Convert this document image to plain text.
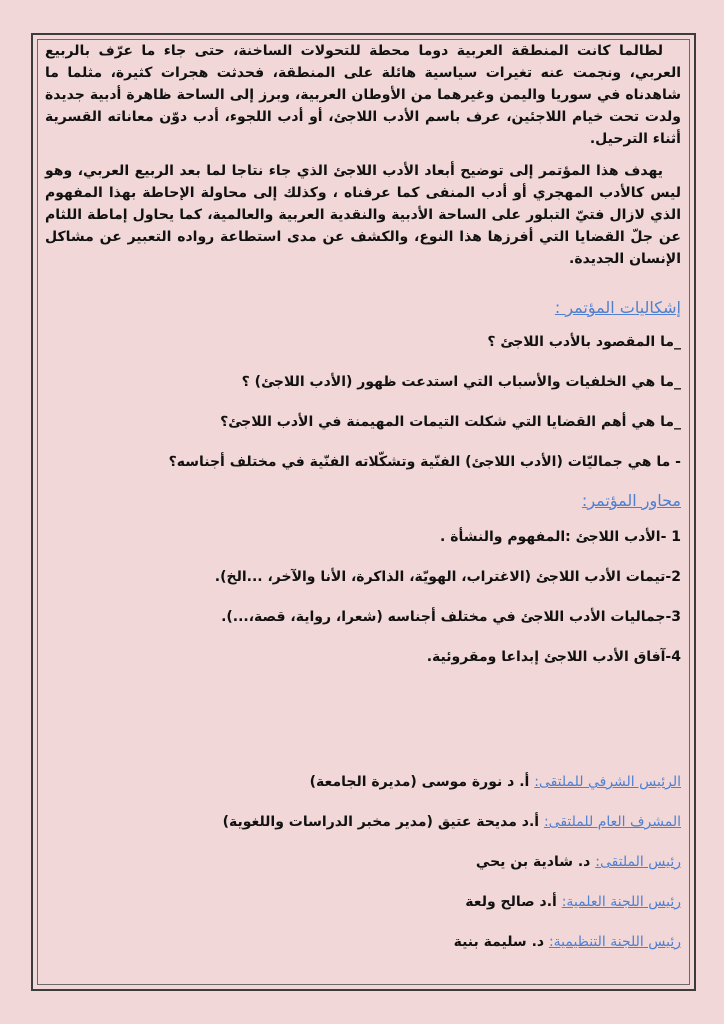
لطالما كانت المنطقة العربية دوما محطة للتحولات الساخنة، حتى جاء ما عرّف بالربيع العربي، ونجمت عنه تغيرات سياسية هائلة على المنطقة، فحدثت هجرات كثيرة، مثلما ما شاهدناه في سوريا واليمن وغيرهما من الأوطان العربية، وبرز إلى الساحة ظاهرة أدبية جديدة ولدت تحت خيام اللاجئين، عرف باسم الأدب اللاجئ، أو أدب اللجوء، أدب دوّن معاناته القسرية أثناء الترحيل.

يهدف هذا المؤتمر إلى توضيح أبعاد الأدب اللاجئ الذي جاء نتاجا لما بعد الربيع العربي، وهو ليس كالأدب المهجري أو أدب المنفى كما عرفناه ، وكذلك إلى محاولة الإحاطة بهذا المفهوم الذي لازال فتيّ التبلور على الساحة الأدبية والنقدية العربية والعالمية، كما يحاول إماطة اللثام عن جلّ القضايا التي أفرزها هذا النوع، والكشف عن مدى استطاعة رواده التعبير عن مشاكل الإنسان الجديدة.

إشكاليات المؤتمر :
_ما المقصود بالأدب اللاجئ ؟
_ما هي الخلفيات والأسباب التي استدعت ظهور (الأدب اللاجئ) ؟
_ما هي أهم القضايا التي شكلت التيمات المهيمنة في الأدب اللاجئ؟
- ما هي جماليّات (الأدب اللاجئ) الفنّية وتشكّلاته الفنّية في مختلف أجناسه؟
محاور المؤتمر:
1 -الأدب اللاجئ :المفهوم والنشأة .
2-تيمات الأدب اللاجئ (الاغتراب، الهويّة، الذاكرة، الأنا والآخر، ...الخ).
3-جماليات الأدب اللاجئ في مختلف أجناسه (شعرا، رواية، قصة،...).
4-آفاق الأدب اللاجئ إبداعا ومقروئية.
الرئيس الشرفي للملتقى: أ. د نورة موسى (مديرة الجامعة)
المشرف العام للملتقى: أ.د مديحة عتيق (مدير مخبر الدراسات واللغوية)
رئيس الملتقى: د. شادية بن يحي
رئيس اللجنة العلمية: أ.د صالح ولعة
رئيس اللجنة التنظيمية: د. سليمة بنية
